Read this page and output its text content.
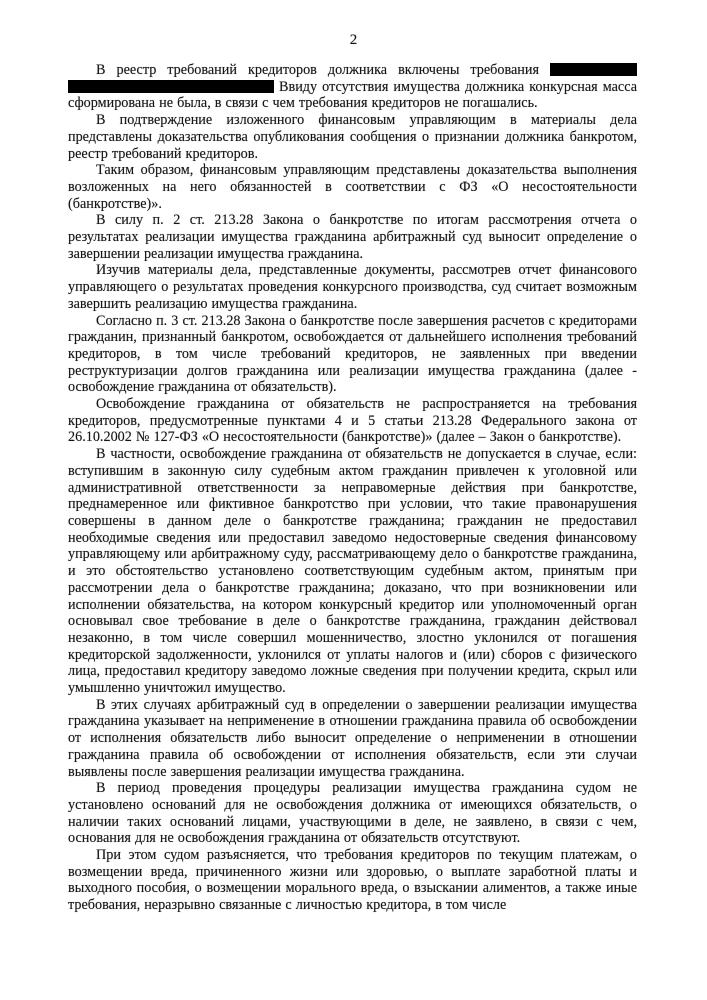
2

В реестр требований кредиторов должника включены требования   Ввиду отсутствия имущества должника конкурсная масса сформирована не была, в связи с чем требования кредиторов не погашались.

В подтверждение изложенного финансовым управляющим в материалы дела представлены доказательства опубликования сообщения о признании должника банкротом, реестр требований кредиторов.

Таким образом, финансовым управляющим представлены доказательства выполнения возложенных на него обязанностей в соответствии с ФЗ «О несостоятельности (банкротстве)».

В силу п. 2 ст. 213.28 Закона о банкротстве по итогам рассмотрения отчета о результатах реализации имущества гражданина арбитражный суд выносит определение о завершении реализации имущества гражданина.

Изучив материалы дела, представленные документы, рассмотрев отчет финансового управляющего о результатах проведения конкурсного производства, суд считает возможным завершить реализацию имущества гражданина.

Согласно п. 3 ст. 213.28 Закона о банкротстве после завершения расчетов с кредиторами гражданин, признанный банкротом, освобождается от дальнейшего исполнения требований кредиторов, в том числе требований кредиторов, не заявленных при введении реструктуризации долгов гражданина или реализации имущества гражданина (далее - освобождение гражданина от обязательств).

Освобождение гражданина от обязательств не распространяется на требования кредиторов, предусмотренные пунктами 4 и 5 статьи 213.28 Федерального закона от 26.10.2002 № 127-ФЗ «О несостоятельности (банкротстве)» (далее – Закон о банкротстве).

В частности, освобождение гражданина от обязательств не допускается в случае, если: вступившим в законную силу судебным актом гражданин привлечен к уголовной или административной ответственности за неправомерные действия при банкротстве, преднамеренное или фиктивное банкротство при условии, что такие правонарушения совершены в данном деле о банкротстве гражданина; гражданин не предоставил необходимые сведения или предоставил заведомо недостоверные сведения финансовому управляющему или арбитражному суду, рассматривающему дело о банкротстве гражданина, и это обстоятельство установлено соответствующим судебным актом, принятым при рассмотрении дела о банкротстве гражданина; доказано, что при возникновении или исполнении обязательства, на котором конкурсный кредитор или уполномоченный орган основывал свое требование в деле о банкротстве гражданина, гражданин действовал незаконно, в том числе совершил мошенничество, злостно уклонился от погашения кредиторской задолженности, уклонился от уплаты налогов и (или) сборов с физического лица, предоставил кредитору заведомо ложные сведения при получении кредита, скрыл или умышленно уничтожил имущество.

В этих случаях арбитражный суд в определении о завершении реализации имущества гражданина указывает на неприменение в отношении гражданина правила об освобождении от исполнения обязательств либо выносит определение о неприменении в отношении гражданина правила об освобождении от исполнения обязательств, если эти случаи выявлены после завершения реализации имущества гражданина.

В период проведения процедуры реализации имущества гражданина судом не установлено оснований для не освобождения должника от имеющихся обязательств, о наличии таких оснований лицами, участвующими в деле, не заявлено, в связи с чем, основания для не освобождения гражданина от обязательств отсутствуют.

При этом судом разъясняется, что требования кредиторов по текущим платежам, о возмещении вреда, причиненного жизни или здоровью, о выплате заработной платы и выходного пособия, о возмещении морального вреда, о взыскании алиментов, а также иные требования, неразрывно связанные с личностью кредитора, в том числе
